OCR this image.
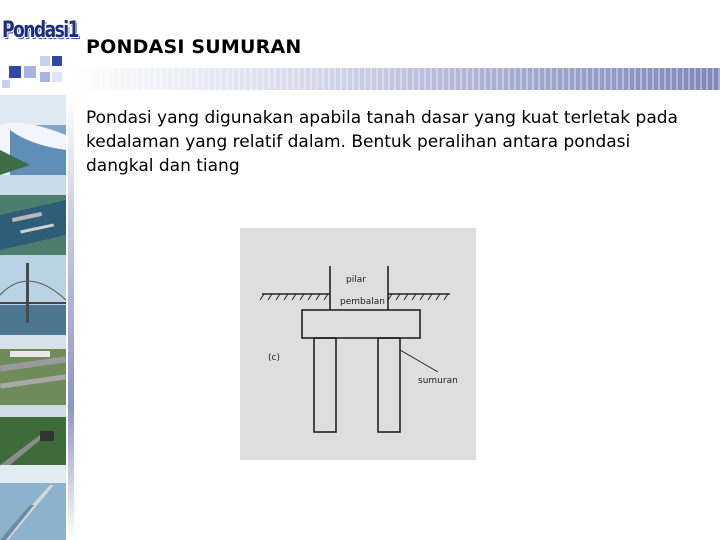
Pondasi1
PONDASI SUMURAN
Pondasi yang digunakan apabila tanah dasar yang kuat terletak pada kedalaman yang relatif dalam. Bentuk peralihan antara pondasi dangkal dan tiang
pilar
pembalan
sumuran
(c)
